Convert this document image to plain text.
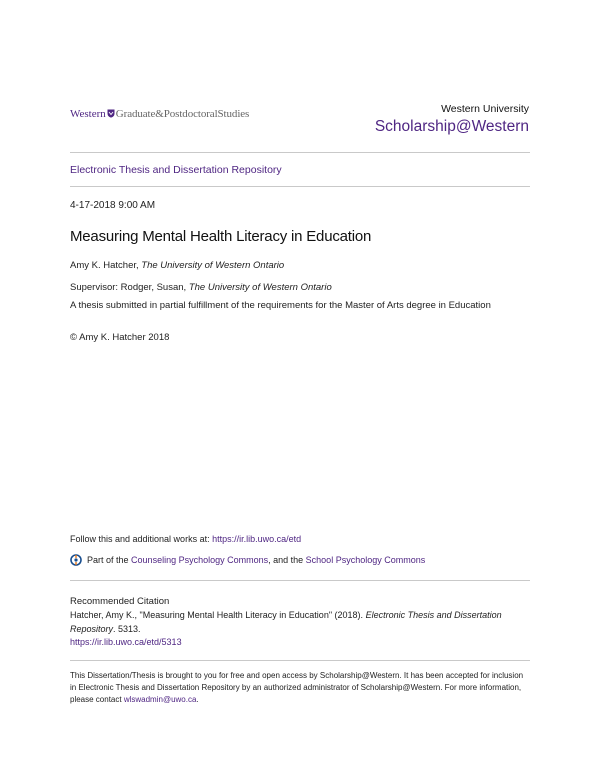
Western Graduate&PostdoctoralStudies	Western University
Scholarship@Western
Electronic Thesis and Dissertation Repository
4-17-2018 9:00 AM
Measuring Mental Health Literacy in Education
Amy K. Hatcher, The University of Western Ontario
Supervisor: Rodger, Susan, The University of Western Ontario
A thesis submitted in partial fulfillment of the requirements for the Master of Arts degree in Education
© Amy K. Hatcher 2018
Follow this and additional works at: https://ir.lib.uwo.ca/etd
Part of the
Counseling Psychology Commons , and the
School Psychology Commons
Recommended Citation
Hatcher, Amy K., "Measuring Mental Health Literacy in Education" (2018). Electronic Thesis and Dissertation Repository. 5313.
https://ir.lib.uwo.ca/etd/5313
This Dissertation/Thesis is brought to you for free and open access by Scholarship@Western. It has been accepted for inclusion in Electronic Thesis and Dissertation Repository by an authorized administrator of Scholarship@Western. For more information, please contact wlswadmin@uwo.ca.
